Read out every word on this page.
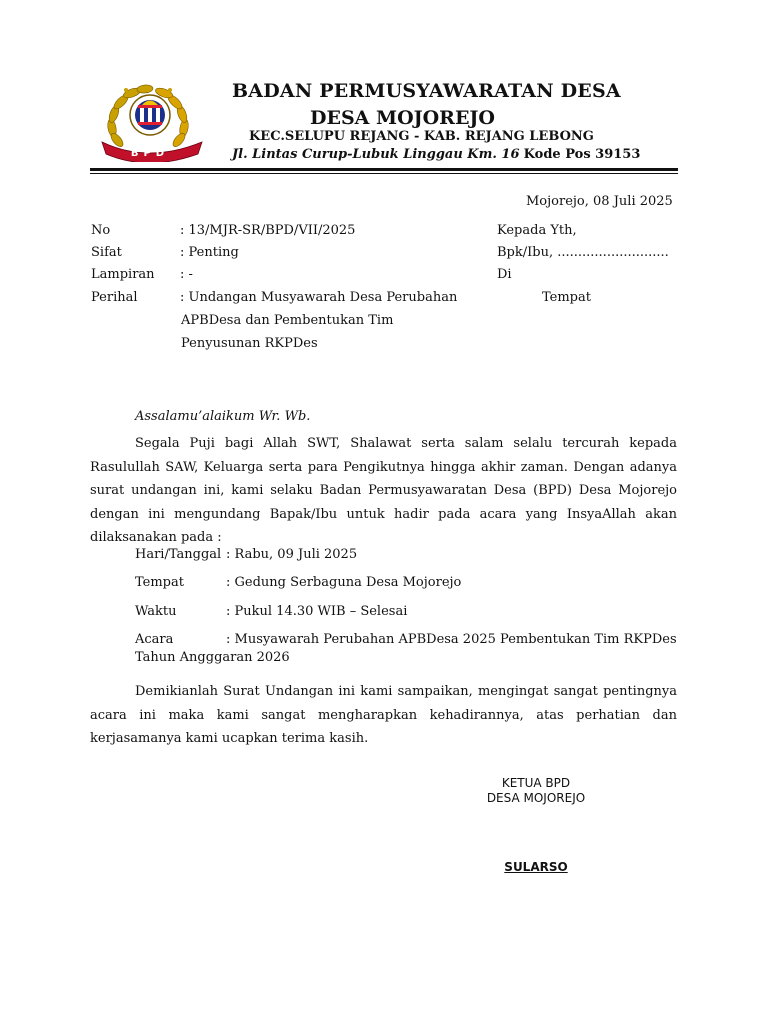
BPD
BADAN PERMUSYAWARATAN DESA
DESA MOJOREJO
KEC.SELUPU REJANG - KAB. REJANG LEBONG
Jl. Lintas Curup-Lubuk Linggau Km. 16 Kode Pos 39153
Mojorejo, 08 Juli 2025
No	: 13/MJR-SR/BPD/VII/2025
Sifat	: Penting
Lampiran : -
Perihal	: Undangan Musyawarah Desa Perubahan
APBDesa dan Pembentukan Tim
Penyusunan RKPDes
Kepada Yth,
Bpk/Ibu, ...........................
Di
Tempat
Assalamu’alaikum Wr. Wb.

Segala Puji bagi Allah SWT, Shalawat serta salam selalu tercurah kepada Rasulullah SAW, Keluarga serta para Pengikutnya hingga akhir zaman. Dengan adanya surat undangan ini, kami selaku Badan Permusyawaratan Desa (BPD) Desa Mojorejo dengan ini mengundang Bapak/Ibu untuk hadir pada acara yang InsyaAllah akan dilaksanakan pada :

Hari/Tanggal : Rabu, 09 Juli 2025
Tempat	: Gedung Serbaguna Desa Mojorejo
Waktu	: Pukul 14.30 WIB – Selesai
Acara	: Musyawarah Perubahan APBDesa 2025 Pembentukan Tim RKPDes
Tahun Angggaran 2026

Demikianlah Surat Undangan ini kami sampaikan, mengingat sangat pentingnya acara ini maka kami sangat mengharapkan kehadirannya, atas perhatian dan kerjasamanya kami ucapkan terima kasih.

KETUA BPD
DESA MOJOREJO
SULARSO
